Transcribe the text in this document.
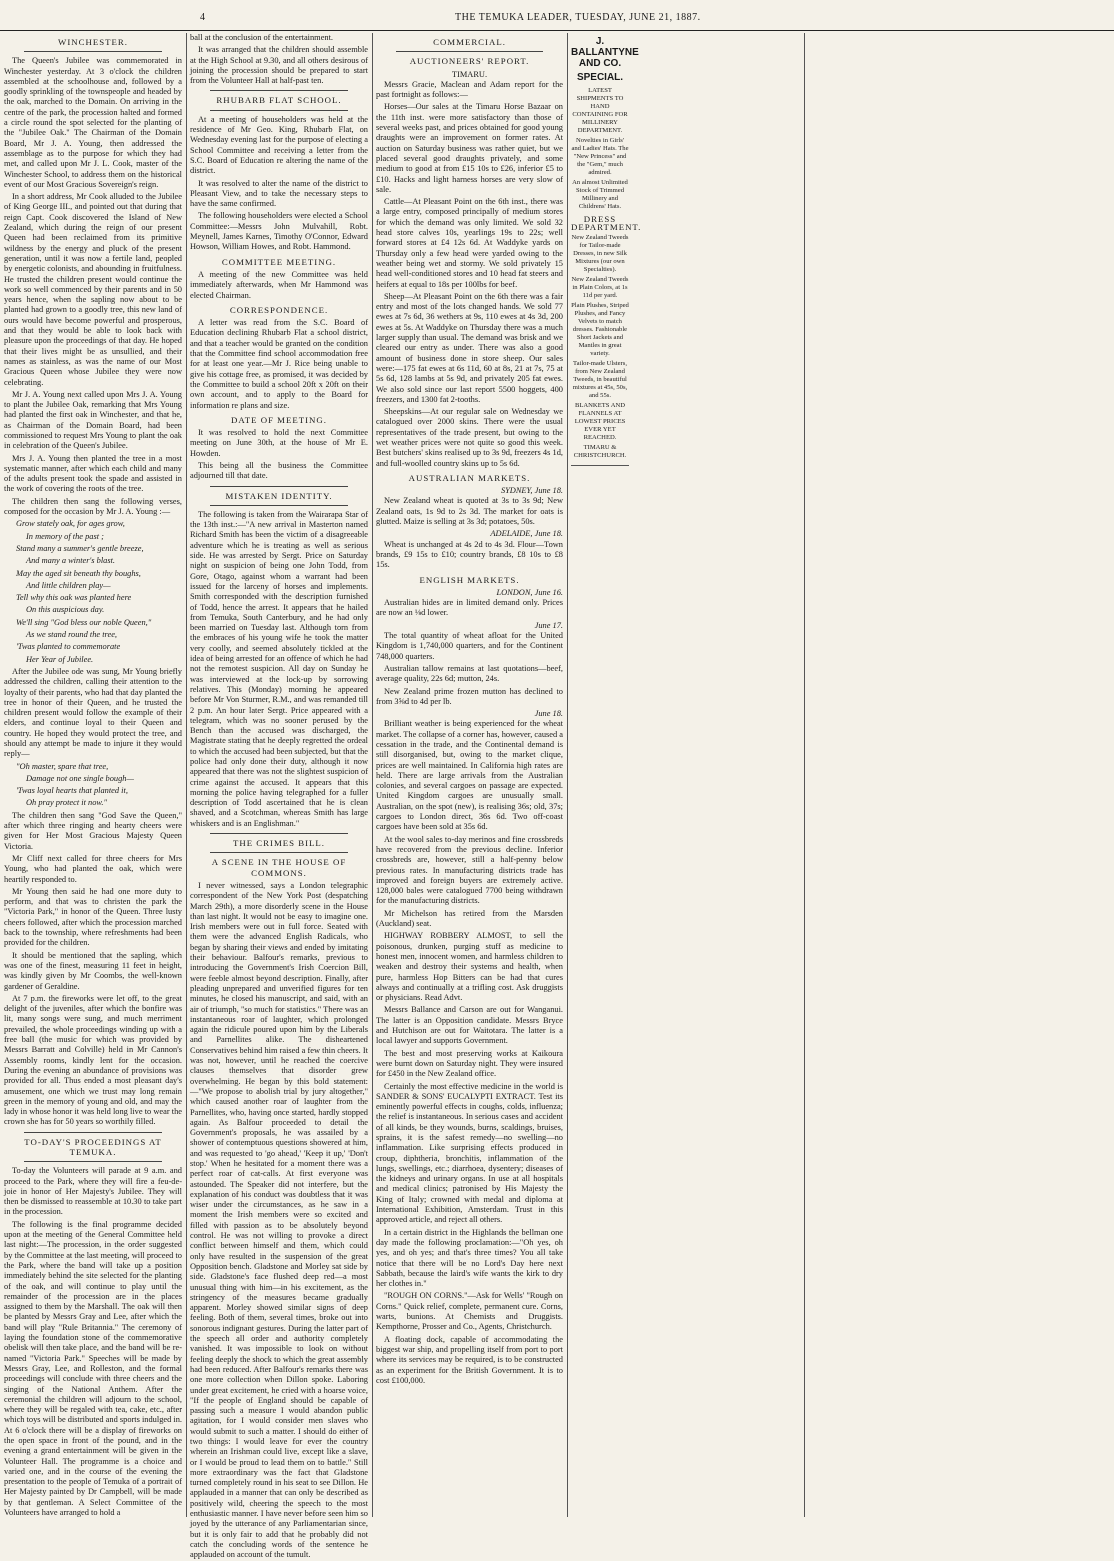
4	THE TEMUKA LEADER, TUESDAY, JUNE 21, 1887.
WINCHESTER.

The Queen's Jubilee was commemorated in Winchester yesterday. At 3 o'clock the children assembled at the schoolhouse and, followed by a goodly sprinkling of the townspeople and headed by the oak, marched to the Domain. On arriving in the centre of the park, the procession halted and formed a circle round the spot selected for the planting of the "Jubilee Oak." The Chairman of the Domain Board, Mr J. A. Young, then addressed the assemblage as to the purpose for which they had met, and called upon Mr J. L. Cook, master of the Winchester School, to address them on the historical event of our Most Gracious Sovereign's reign.

In a short address, Mr Cook alluded to the Jubilee of King George III., and pointed out that during that reign Capt. Cook discovered the Island of New Zealand, which during the reign of our present Queen had been reclaimed from its primitive wildness by the energy and pluck of the present generation, until it was now a fertile land, peopled by energetic colonists, and abounding in fruitfulness. He trusted the children present would continue the work so well commenced by their parents and in 50 years hence, when the sapling now about to be planted had grown to a goodly tree, this new land of ours would have become powerful and prosperous, and that they would be able to look back with pleasure upon the proceedings of that day. He hoped that their lives might be as unsullied, and their names as stainless, as was the name of our Most Gracious Queen whose Jubilee they were now celebrating.

Mr J. A. Young next called upon Mrs J. A. Young to plant the Jubilee Oak, remarking that Mrs Young had planted the first oak in Winchester, and that he, as Chairman of the Domain Board, had been commissioned to request Mrs Young to plant the oak in celebration of the Queen's Jubilee.

Mrs J. A. Young then planted the tree in a most systematic manner, after which each child and many of the adults present took the spade and assisted in the work of covering the roots of the tree.

The children then sang the following verses, composed for the occasion by Mr J. A. Young :—

Grow stately oak, for ages grow,

In memory of the past ;

Stand many a summer's gentle breeze,

And many a winter's blast.

May the aged sit beneath thy boughs,

And little children play—

Tell why this oak was planted here

On this auspicious day.

We'll sing "God bless our noble Queen,"

As we stand round the tree,

'Twas planted to commemorate

Her Year of Jubilee.

After the Jubilee ode was sung, Mr Young briefly addressed the children, calling their attention to the loyalty of their parents, who had that day planted the tree in honor of their Queen, and he trusted the children present would follow the example of their elders, and continue loyal to their Queen and country. He hoped they would protect the tree, and should any attempt be made to injure it they would reply—

"Oh master, spare that tree,

Damage not one single bough—

'Twas loyal hearts that planted it,

Oh pray protect it now."

The children then sang "God Save the Queen," after which three ringing and hearty cheers were given for Her Most Gracious Majesty Queen Victoria.

Mr Cliff next called for three cheers for Mrs Young, who had planted the oak, which were heartily responded to.

Mr Young then said he had one more duty to perform, and that was to christen the park the "Victoria Park," in honor of the Queen. Three lusty cheers followed, after which the procession marched back to the township, where refreshments had been provided for the children.

It should be mentioned that the sapling, which was one of the finest, measuring 11 feet in height, was kindly given by Mr Coombs, the well-known gardener of Geraldine.

At 7 p.m. the fireworks were let off, to the great delight of the juveniles, after which the bonfire was lit, many songs were sung, and much merriment prevailed, the whole proceedings winding up with a free ball (the music for which was provided by Messrs Barratt and Colville) held in Mr Cannon's Assembly rooms, kindly lent for the occasion. During the evening an abundance of provisions was provided for all. Thus ended a most pleasant day's amusement, one which we trust may long remain green in the memory of young and old, and may the lady in whose honor it was held long live to wear the crown she has for 50 years so worthily filled.

TO-DAY'S PROCEEDINGS AT TEMUKA.

To-day the Volunteers will parade at 9 a.m. and proceed to the Park, where they will fire a feu-de-joie in honor of Her Majesty's Jubilee. They will then be dismissed to reassemble at 10.30 to take part in the procession.

The following is the final programme decided upon at the meeting of the General Committee held last night:—The procession, in the order suggested by the Committee at the last meeting, will proceed to the Park, where the band will take up a position immediately behind the site selected for the planting of the oak, and will continue to play until the remainder of the procession are in the places assigned to them by the Marshall. The oak will then be planted by Messrs Gray and Lee, after which the band will play "Rule Britannia." The ceremony of laying the foundation stone of the commemorative obelisk will then take place, and the band will be re-named "Victoria Park." Speeches will be made by Messrs Gray, Lee, and Rolleston, and the formal proceedings will conclude with three cheers and the singing of the National Anthem. After the ceremonial the children will adjourn to the school, where they will be regaled with tea, cake, etc., after which toys will be distributed and sports indulged in. At 6 o'clock there will be a display of fireworks on the open space in front of the pound, and in the evening a grand entertainment will be given in the Volunteer Hall. The programme is a choice and varied one, and in the course of the evening the presentation to the people of Temuka of a portrait of Her Majesty painted by Dr Campbell, will be made by that gentleman. A Select Committee of the Volunteers have arranged to hold a

ball at the conclusion of the entertainment.

It was arranged that the children should assemble at the High School at 9.30, and all others desirous of joining the procession should be prepared to start from the Volunteer Hall at half-past ten.

RHUBARB FLAT SCHOOL.

At a meeting of householders was held at the residence of Mr Geo. King, Rhubarb Flat, on Wednesday evening last for the purpose of electing a School Committee and receiving a letter from the S.C. Board of Education re altering the name of the district.

It was resolved to alter the name of the district to Pleasant View, and to take the necessary steps to have the same confirmed.

The following householders were elected a School Committee:—Messrs John Mulvahill, Robt. Meynell, James Karnes, Timothy O'Connor, Edward Howson, William Howes, and Robt. Hammond.

COMMITTEE MEETING.

A meeting of the new Committee was held immediately afterwards, when Mr Hammond was elected Chairman.

CORRESPONDENCE.

A letter was read from the S.C. Board of Education declining Rhubarb Flat a school district, and that a teacher would be granted on the condition that the Committee find school accommodation free for at least one year.—Mr J. Rice being unable to give his cottage free, as promised, it was decided by the Committee to build a school 20ft x 20ft on their own account, and to apply to the Board for information re plans and size.

DATE OF MEETING.

It was resolved to hold the next Committee meeting on June 30th, at the house of Mr E. Howden.

This being all the business the Committee adjourned till that date.

MISTAKEN IDENTITY.

The following is taken from the Wairarapa Star of the 13th inst.:—"A new arrival in Masterton named Richard Smith has been the victim of a disagreeable adventure which he is treating as well as serious side. He was arrested by Sergt. Price on Saturday night on suspicion of being one John Todd, from Gore, Otago, against whom a warrant had been issued for the larceny of horses and implements. Smith corresponded with the description furnished of Todd, hence the arrest. It appears that he hailed from Temuka, South Canterbury, and he had only been married on Tuesday last. Although torn from the embraces of his young wife he took the matter very coolly, and seemed absolutely tickled at the idea of being arrested for an offence of which he had not the remotest suspicion. All day on Sunday he was interviewed at the lock-up by sorrowing relatives. This (Monday) morning he appeared before Mr Von Sturmer, R.M., and was remanded till 2 p.m. An hour later Sergt. Price appeared with a telegram, which was no sooner perused by the Bench than the accused was discharged, the Magistrate stating that he deeply regretted the ordeal to which the accused had been subjected, but that the police had only done their duty, although it now appeared that there was not the slightest suspicion of crime against the accused. It appears that this morning the police having telegraphed for a fuller description of Todd ascertained that he is clean shaved, and a Scotchman, whereas Smith has large whiskers and is an Englishman."

THE CRIMES BILL.
A SCENE IN THE HOUSE OF COMMONS.

I never witnessed, says a London telegraphic correspondent of the New York Post (despatching March 29th), a more disorderly scene in the House than last night. It would not be easy to imagine one. Irish members were out in full force. Seated with them were the advanced English Radicals, who began by sharing their views and ended by imitating their behaviour. Balfour's remarks, previous to introducing the Government's Irish Coercion Bill, were feeble almost beyond description. Finally, after pleading unprepared and unverified figures for ten minutes, he closed his manuscript, and said, with an air of triumph, "so much for statistics." There was an instantaneous roar of laughter, which prolonged again the ridicule poured upon him by the Liberals and Parnellites alike. The disheartened Conservatives behind him raised a few thin cheers. It was not, however, until he reached the coercive clauses themselves that disorder grew overwhelming. He began by this bold statement:—"We propose to abolish trial by jury altogether," which caused another roar of laughter from the Parnellites, who, having once started, hardly stopped again. As Balfour proceeded to detail the Government's proposals, he was assailed by a shower of contemptuous questions showered at him, and was requested to 'go ahead,' 'Keep it up,' 'Don't stop.' When he hesitated for a moment there was a perfect roar of cat-calls. At first everyone was astounded. The Speaker did not interfere, but the explanation of his conduct was doubtless that it was wiser under the circumstances, as he saw in a moment the Irish members were so excited and filled with passion as to be absolutely beyond control. He was not willing to provoke a direct conflict between himself and them, which could only have resulted in the suspension of the great Opposition bench. Gladstone and Morley sat side by side. Gladstone's face flushed deep red—a most unusual thing with him—in his excitement, as the stringency of the measures became gradually apparent. Morley showed similar signs of deep feeling. Both of them, several times, broke out into sonorous indignant gestures. During the latter part of the speech all order and authority completely vanished. It was impossible to look on without feeling deeply the shock to which the great assembly had been reduced. After Balfour's remarks there was one more collection when Dillon spoke. Laboring under great excitement, he cried with a hoarse voice, "If the people of England should be capable of passing such a measure I would abandon public agitation, for I would consider men slaves who would submit to such a matter. I should do either of two things: I would leave for ever the country wherein an Irishman could live, except like a slave, or I would be proud to lead them on to battle." Still more extraordinary was the fact that Gladstone turned completely round in his seat to see Dillon. He applauded in a manner that can only be described as positively wild, cheering the speech to the most enthusiastic manner. I have never before seen him so joyed by the utterance of any Parliamentarian since, but it is only fair to add that he probably did not catch the concluding words of the sentence he applauded on account of the tumult.

COMMERCIAL.
AUCTIONEERS' REPORT.
TIMARU.

Messrs Gracie, Maclean and Adam report for the past fortnight as follows:—

Horses—Our sales at the Timaru Horse Bazaar on the 11th inst. were more satisfactory than those of several weeks past, and prices obtained for good young draughts were an improvement on former rates. At auction on Saturday business was rather quiet, but we placed several good draughts privately, and some medium to good at from £15 10s to £26, inferior £5 to £10. Hacks and light harness horses are very slow of sale.

Cattle—At Pleasant Point on the 6th inst., there was a large entry, composed principally of medium stores for which the demand was only limited. We sold 32 head store calves 10s, yearlings 19s to 22s; well forward stores at £4 12s 6d. At Waddyke yards on Thursday only a few head were yarded owing to the weather being wet and stormy. We sold privately 15 head well-conditioned stores and 10 head fat steers and heifers at equal to 18s per 100lbs for beef.

Sheep—At Pleasant Point on the 6th there was a fair entry and most of the lots changed hands. We sold 77 ewes at 7s 6d, 36 wethers at 9s, 110 ewes at 4s 3d, 200 ewes at 5s. At Waddyke on Thursday there was a much larger supply than usual. The demand was brisk and we cleared our entry as under. There was also a good amount of business done in store sheep. Our sales were:—175 fat ewes at 6s 11d, 60 at 8s, 21 at 7s, 75 at 5s 6d, 128 lambs at 5s 9d, and privately 205 fat ewes. We also sold since our last report 5500 hoggets, 400 freezers, and 1300 fat 2-tooths.

Sheepskins—At our regular sale on Wednesday we catalogued over 2000 skins. There were the usual representatives of the trade present, but owing to the wet weather prices were not quite so good this week. Best butchers' skins realised up to 3s 9d, freezers 4s 1d, and full-woolled country skins up to 5s 6d.

AUSTRALIAN MARKETS.
SYDNEY, June 18.

New Zealand wheat is quoted at 3s to 3s 9d; New Zealand oats, 1s 9d to 2s 3d. The market for oats is glutted. Maize is selling at 3s 3d; potatoes, 50s.

ADELAIDE, June 18.

Wheat is unchanged at 4s 2d to 4s 3d. Flour—Town brands, £9 15s to £10; country brands, £8 10s to £8 15s.

ENGLISH MARKETS.
LONDON, June 16.

Australian hides are in limited demand only. Prices are now an ⅛d lower.

June 17.

The total quantity of wheat afloat for the United Kingdom is 1,740,000 quarters, and for the Continent 748,000 quarters.

Australian tallow remains at last quotations—beef, average quality, 22s 6d; mutton, 24s.

New Zealand prime frozen mutton has declined to from 3⅝d to 4d per lb.

June 18.

Brilliant weather is being experienced for the wheat market. The collapse of a corner has, however, caused a cessation in the trade, and the Continental demand is still disorganised, but, owing to the market clique, prices are well maintained. In California high rates are held. There are large arrivals from the Australian colonies, and several cargoes on passage are expected. United Kingdom cargoes are unusually small. Australian, on the spot (new), is realising 36s; old, 37s; cargoes to London direct, 36s 6d. Two off-coast cargoes have been sold at 35s 6d.

At the wool sales to-day merinos and fine crossbreds have recovered from the previous decline. Inferior crossbreds are, however, still a half-penny below previous rates. In manufacturing districts trade has improved and foreign buyers are extremely active. 128,000 bales were catalogued 7700 being withdrawn for the manufacturing districts.

Mr Michelson has retired from the Marsden (Auckland) seat.

HIGHWAY ROBBERY ALMOST, to sell the poisonous, drunken, purging stuff as medicine to honest men, innocent women, and harmless children to weaken and destroy their systems and health, when pure, harmless Hop Bitters can be had that cures always and continually at a trifling cost. Ask druggists or physicians. Read Advt.

Messrs Ballance and Carson are out for Wanganui. The latter is an Opposition candidate. Messrs Bryce and Hutchison are out for Waitotara. The latter is a local lawyer and supports Government.

The best and most preserving works at Kaikoura were burnt down on Saturday night. They were insured for £450 in the New Zealand office.

Certainly the most effective medicine in the world is SANDER & SONS' EUCALYPTI EXTRACT. Test its eminently powerful effects in coughs, colds, influenza; the relief is instantaneous. In serious cases and accident of all kinds, be they wounds, burns, scaldings, bruises, sprains, it is the safest remedy—no swelling—no inflammation. Like surprising effects produced in croup, diphtheria, bronchitis, inflammation of the lungs, swellings, etc.; diarrhoea, dysentery; diseases of the kidneys and urinary organs. In use at all hospitals and medical clinics; patronised by His Majesty the King of Italy; crowned with medal and diploma at International Exhibition, Amsterdam. Trust in this approved article, and reject all others.

In a certain district in the Highlands the bellman one day made the following proclamation:—"Oh yes, oh yes, and oh yes; and that's three times? You all take notice that there will be no Lord's Day here next Sabbath, because the laird's wife wants the kirk to dry her clothes in."

"ROUGH ON CORNS."—Ask for Wells' "Rough on Corns." Quick relief, complete, permanent cure. Corns, warts, bunions. At Chemists and Druggists. Kempthorne, Prosser and Co., Agents, Christchurch.

A floating dock, capable of accommodating the biggest war ship, and propelling itself from port to port where its services may be required, is to be constructed as an experiment for the British Government. It is to cost £100,000.

J. BALLANTYNE AND CO.
SPECIAL.

LATEST SHIPMENTS TO HAND CONTAINING FOR MILLINERY DEPARTMENT.

Novelties in Girls' and Ladies' Hats. The "New Princess" and the "Gem," much admired.

An almost Unlimited Stock of Trimmed Millinery and Childrens' Hats.

DRESS DEPARTMENT.

New Zealand Tweeds for Tailor-made Dresses, in new Silk Mixtures (our own Specialties).

New Zealand Tweeds in Plain Colors, at 1s 11d per yard.

Plain Plushes, Striped Plushes, and Fancy Velvets to match dresses. Fashionable Short Jackets and Mantles in great variety.

Tailor-made Ulsters, from New Zealand Tweeds, in beautiful mixtures at 45s, 50s, and 55s.

BLANKETS AND FLANNELS AT LOWEST PRICES EVER YET REACHED.

TIMARU & CHRISTCHURCH.
